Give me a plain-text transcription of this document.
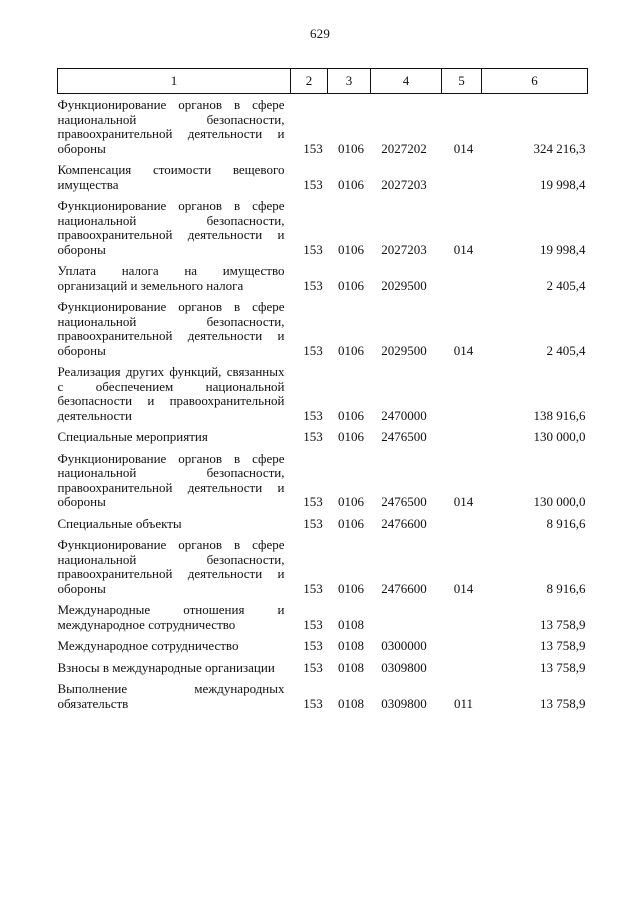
629
1	2	3	4	5	6
Функционирование органов в сфере национальной безопасности, правоохранительной деятельности и обороны	153	0106	2027202	014	324 216,3
Компенсация стоимости вещевого имущества	153	0106	2027203		19 998,4
Функционирование органов в сфере национальной безопасности, правоохранительной деятельности и обороны	153	0106	2027203	014	19 998,4
Уплата налога на имущество организаций и земельного налога	153	0106	2029500		2 405,4
Функционирование органов в сфере национальной безопасности, правоохранительной деятельности и обороны	153	0106	2029500	014	2 405,4
Реализация других функций, связанных с обеспечением национальной безопасности и правоохранительной деятельности	153	0106	2470000		138 916,6
Специальные мероприятия	153	0106	2476500		130 000,0
Функционирование органов в сфере национальной безопасности, правоохранительной деятельности и обороны	153	0106	2476500	014	130 000,0
Специальные объекты	153	0106	2476600		8 916,6
Функционирование органов в сфере национальной безопасности, правоохранительной деятельности и обороны	153	0106	2476600	014	8 916,6
Международные отношения и международное сотрудничество	153	0108			13 758,9
Международное сотрудничество	153	0108	0300000		13 758,9
Взносы в международные организации	153	0108	0309800		13 758,9
Выполнение международных обязательств	153	0108	0309800	011	13 758,9
